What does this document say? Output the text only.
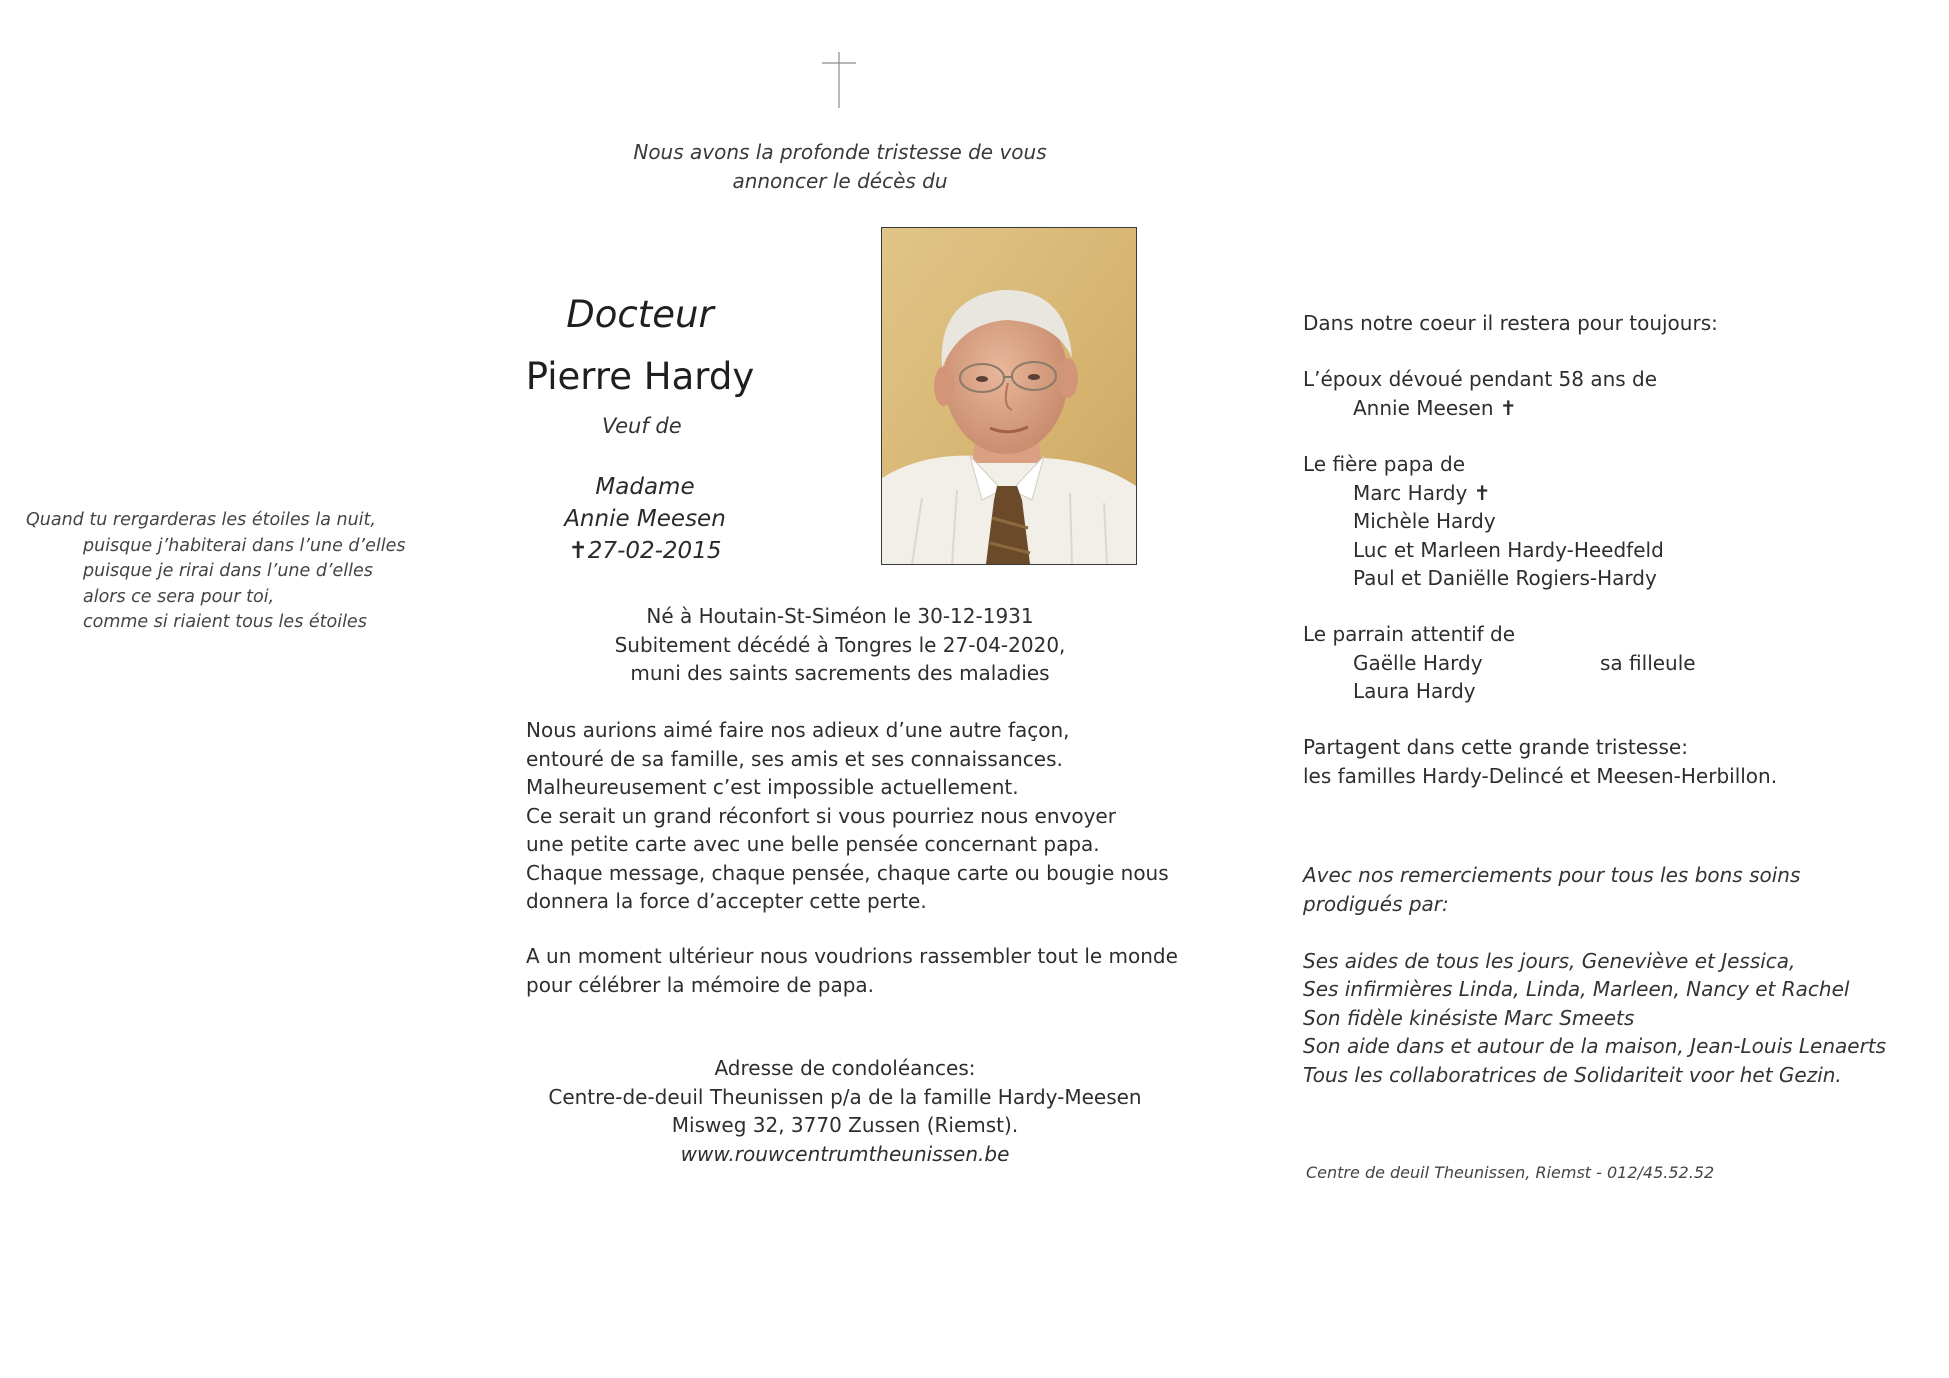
Nous avons la profonde tristesse de vous
annoncer le décès du
Docteur
Pierre Hardy
Veuf de
Madame
Annie Meesen
✝27-02-2015
Quand tu rergarderas les étoiles la nuit,
puisque j’habiterai dans l’une d’elles
puisque je rirai dans l’une d’elles
alors ce sera pour toi,
comme si riaient tous les étoiles	Né à Houtain-St-Siméon le 30-12-1931
Subitement décédé à Tongres le 27-04-2020,
muni des saints sacrements des maladies
Nous aurions aimé faire nos adieux d’une autre façon,
entouré de sa famille, ses amis et ses connaissances.
Malheureusement c’est impossible actuellement.
Ce serait un grand réconfort si vous pourriez nous envoyer
une petite carte avec une belle pensée concernant papa.
Chaque message, chaque pensée, chaque carte ou bougie nous
donnera la force d’accepter cette perte.
A un moment ultérieur nous voudrions rassembler tout le monde
pour célébrer la mémoire de papa.
Adresse de condoléances:
Centre-de-deuil Theunissen p/a de la famille Hardy-Meesen
Misweg 32, 3770 Zussen (Riemst).
www.rouwcentrumtheunissen.be
Dans notre coeur il restera pour toujours:
L’époux dévoué pendant 58 ans de
Annie Meesen ✝
Le fière papa de
Marc Hardy ✝
Michèle Hardy
Luc et Marleen Hardy-Heedfeld
Paul et Daniëlle Rogiers-Hardy
Le parrain attentif de
Gaëlle Hardy	sa filleule
Laura Hardy
Partagent dans cette grande tristesse:
les familles Hardy-Delincé et Meesen-Herbillon.
Avec nos remerciements pour tous les bons soins
prodigués par:
Ses aides de tous les jours, Geneviève et Jessica,
Ses infirmières Linda, Linda, Marleen, Nancy et Rachel
Son fidèle kinésiste Marc Smeets
Son aide dans et autour de la maison, Jean-Louis Lenaerts
Tous les collaboratrices de Solidariteit voor het Gezin.
Centre de deuil Theunissen, Riemst - 012/45.52.52
